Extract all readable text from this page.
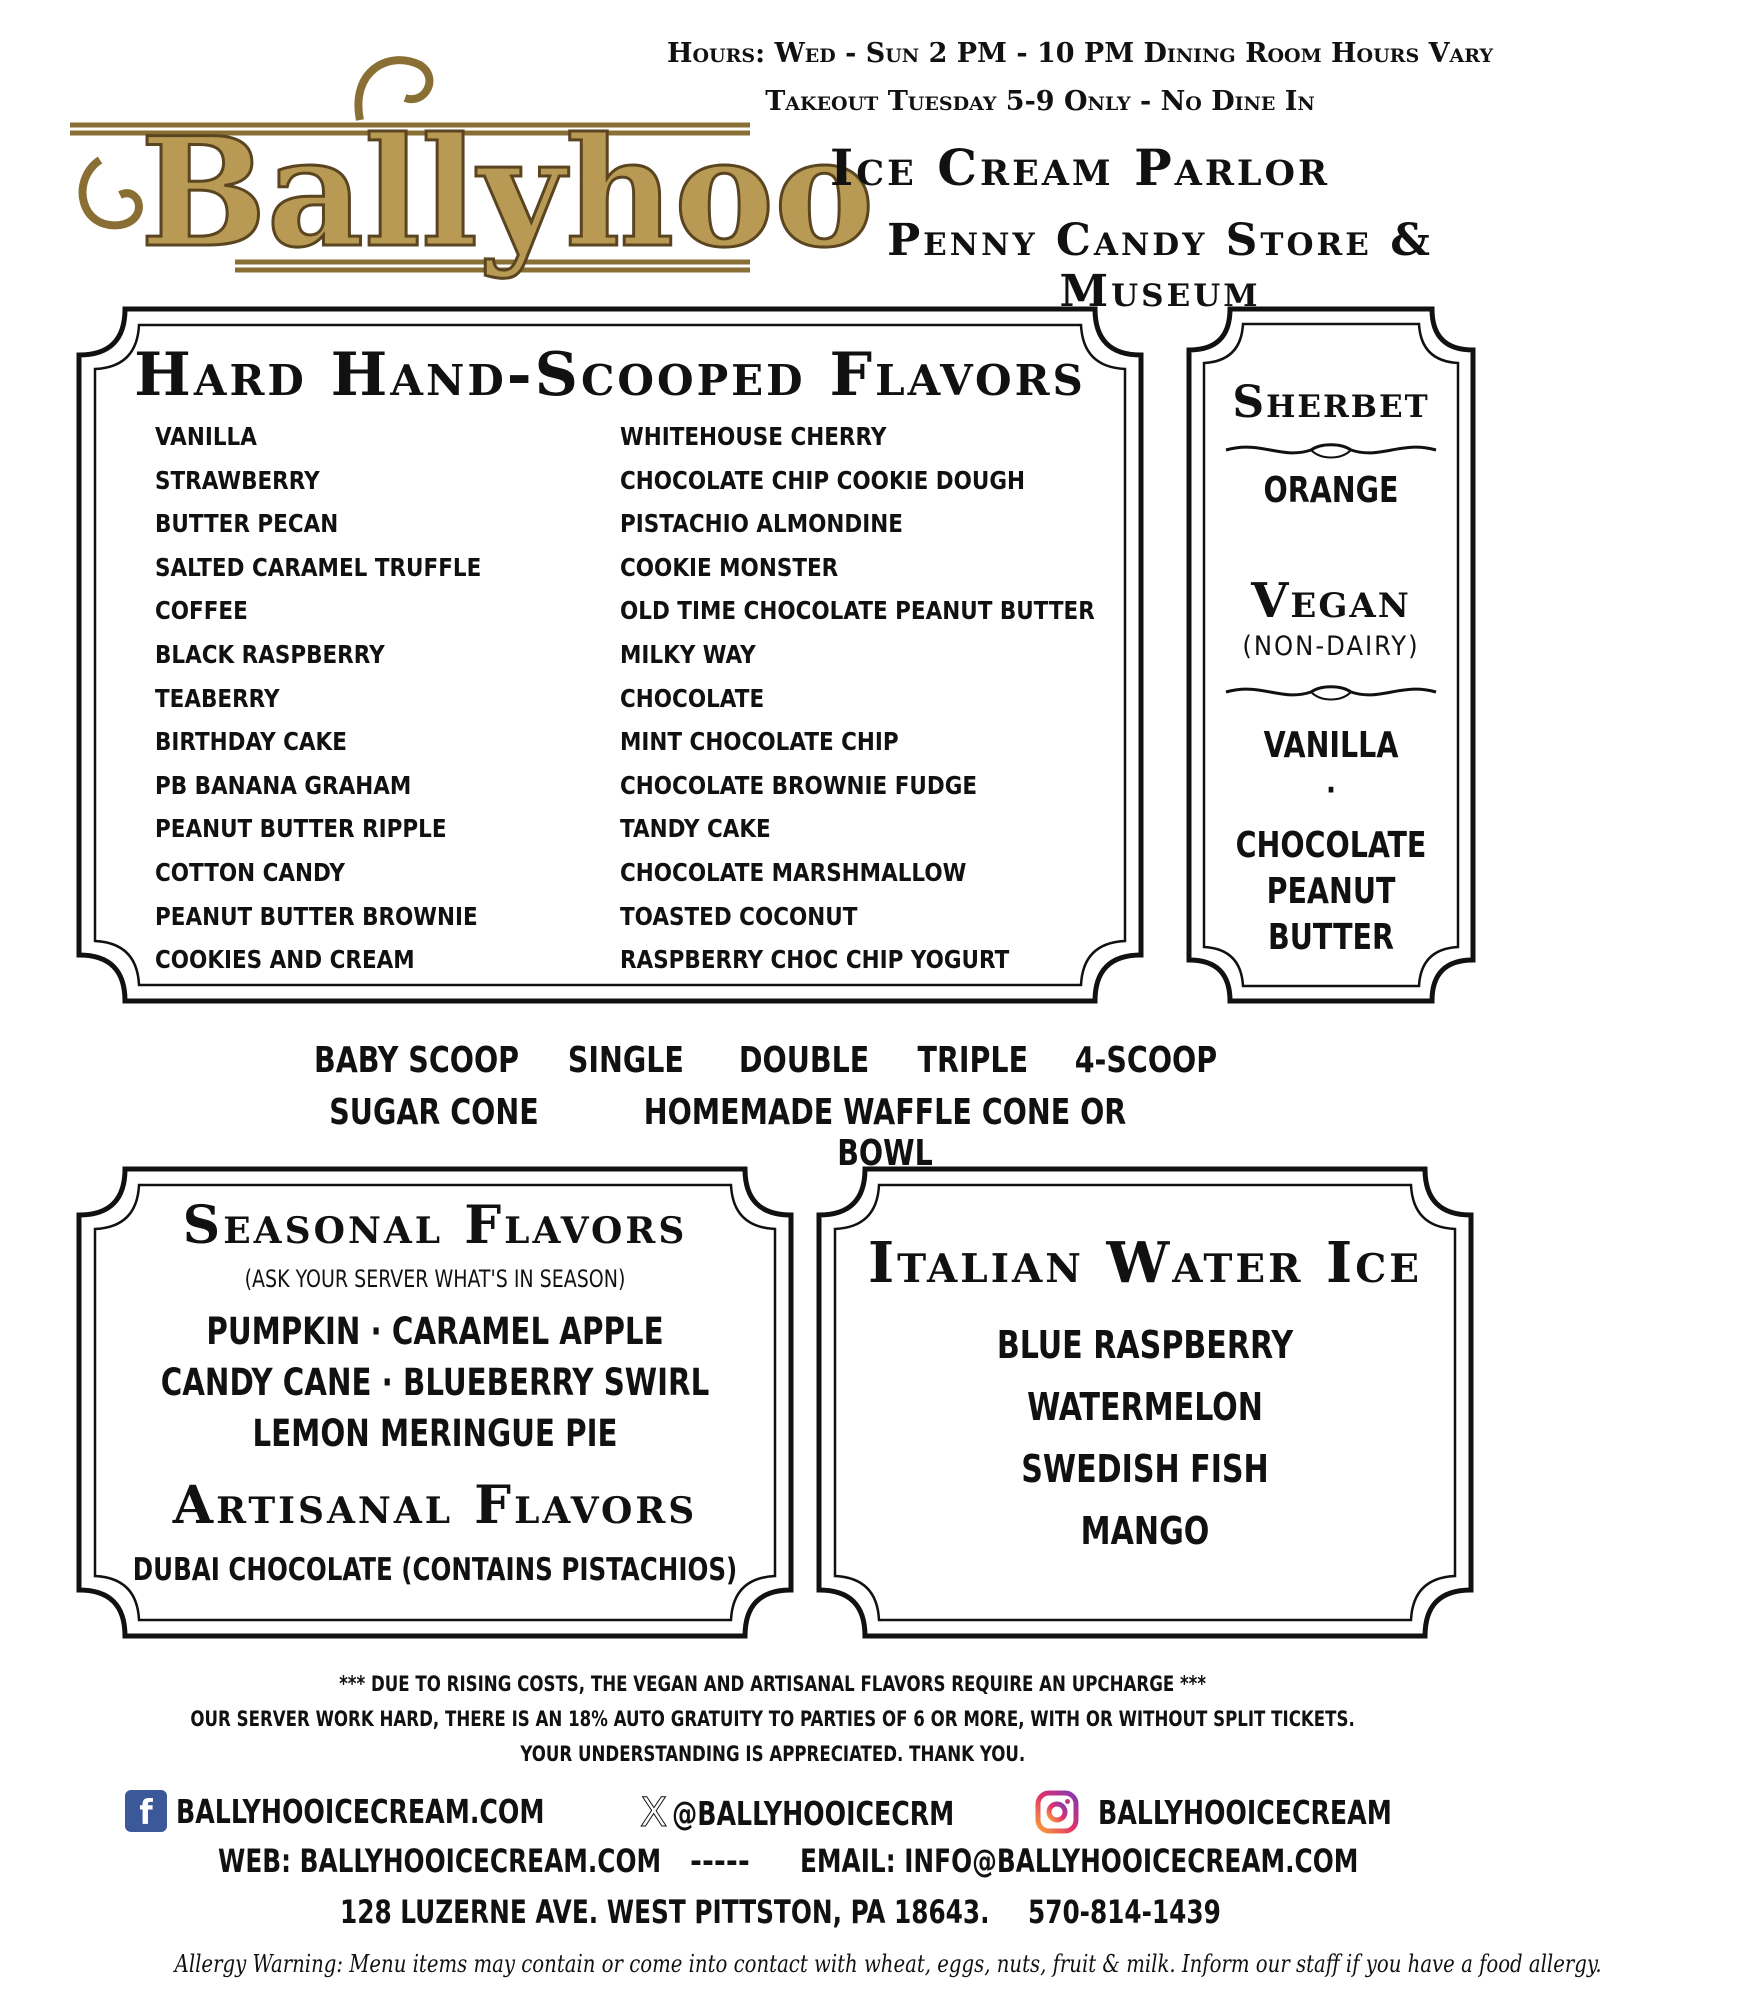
Ballyhoo
Hours: Wed - Sun 2 PM - 10 PM Dining Room Hours Vary
Takeout Tuesday 5-9 Only - No Dine In
Ice Cream Parlor
Penny Candy Store & Museum
Hard Hand-Scooped Flavors
VANILLA
STRAWBERRY
BUTTER PECAN
SALTED CARAMEL TRUFFLE
COFFEE
BLACK RASPBERRY
TEABERRY
BIRTHDAY CAKE
PB BANANA GRAHAM
PEANUT BUTTER RIPPLE
COTTON CANDY
PEANUT BUTTER BROWNIE
COOKIES AND CREAM
WHITEHOUSE CHERRY
CHOCOLATE CHIP COOKIE DOUGH
PISTACHIO ALMONDINE
COOKIE MONSTER
OLD TIME CHOCOLATE PEANUT BUTTER
MILKY WAY
CHOCOLATE
MINT CHOCOLATE CHIP
CHOCOLATE BROWNIE FUDGE
TANDY CAKE
CHOCOLATE MARSHMALLOW
TOASTED COCONUT
RASPBERRY CHOC CHIP YOGURT
Sherbet
ORANGE
Vegan
(NON-DAIRY)
VANILLA
·
CHOCOLATE
PEANUT
BUTTER
BABY SCOOP SINGLE DOUBLE TRIPLE 4-SCOOP
SUGAR CONE	HOMEMADE WAFFLE CONE OR BOWL
Seasonal Flavors
(ASK YOUR SERVER WHAT'S IN SEASON)
PUMPKIN · CARAMEL APPLE
CANDY CANE · BLUEBERRY SWIRL
LEMON MERINGUE PIE
Artisanal Flavors
DUBAI CHOCOLATE (CONTAINS PISTACHIOS)
Italian Water Ice
BLUE RASPBERRY
WATERMELON
SWEDISH FISH
MANGO
*** DUE TO RISING COSTS, THE VEGAN AND ARTISANAL FLAVORS REQUIRE AN UPCHARGE ***
OUR SERVER WORK HARD, THERE IS AN 18% AUTO GRATUITY TO PARTIES OF 6 OR MORE, WITH OR WITHOUT SPLIT TICKETS.
YOUR UNDERSTANDING IS APPRECIATED. THANK YOU.
f BALLYHOOICECREAM.COM	X @BALLYHOOICECRM	BALLYHOOICECREAM
WEB: BALLYHOOICECREAM.COM ----- EMAIL: INFO@BALLYHOOICECREAM.COM
128 LUZERNE AVE. WEST PITTSTON, PA 18643. 570-814-1439
Allergy Warning: Menu items may contain or come into contact with wheat, eggs, nuts, fruit & milk. Inform our staff if you have a food allergy.
